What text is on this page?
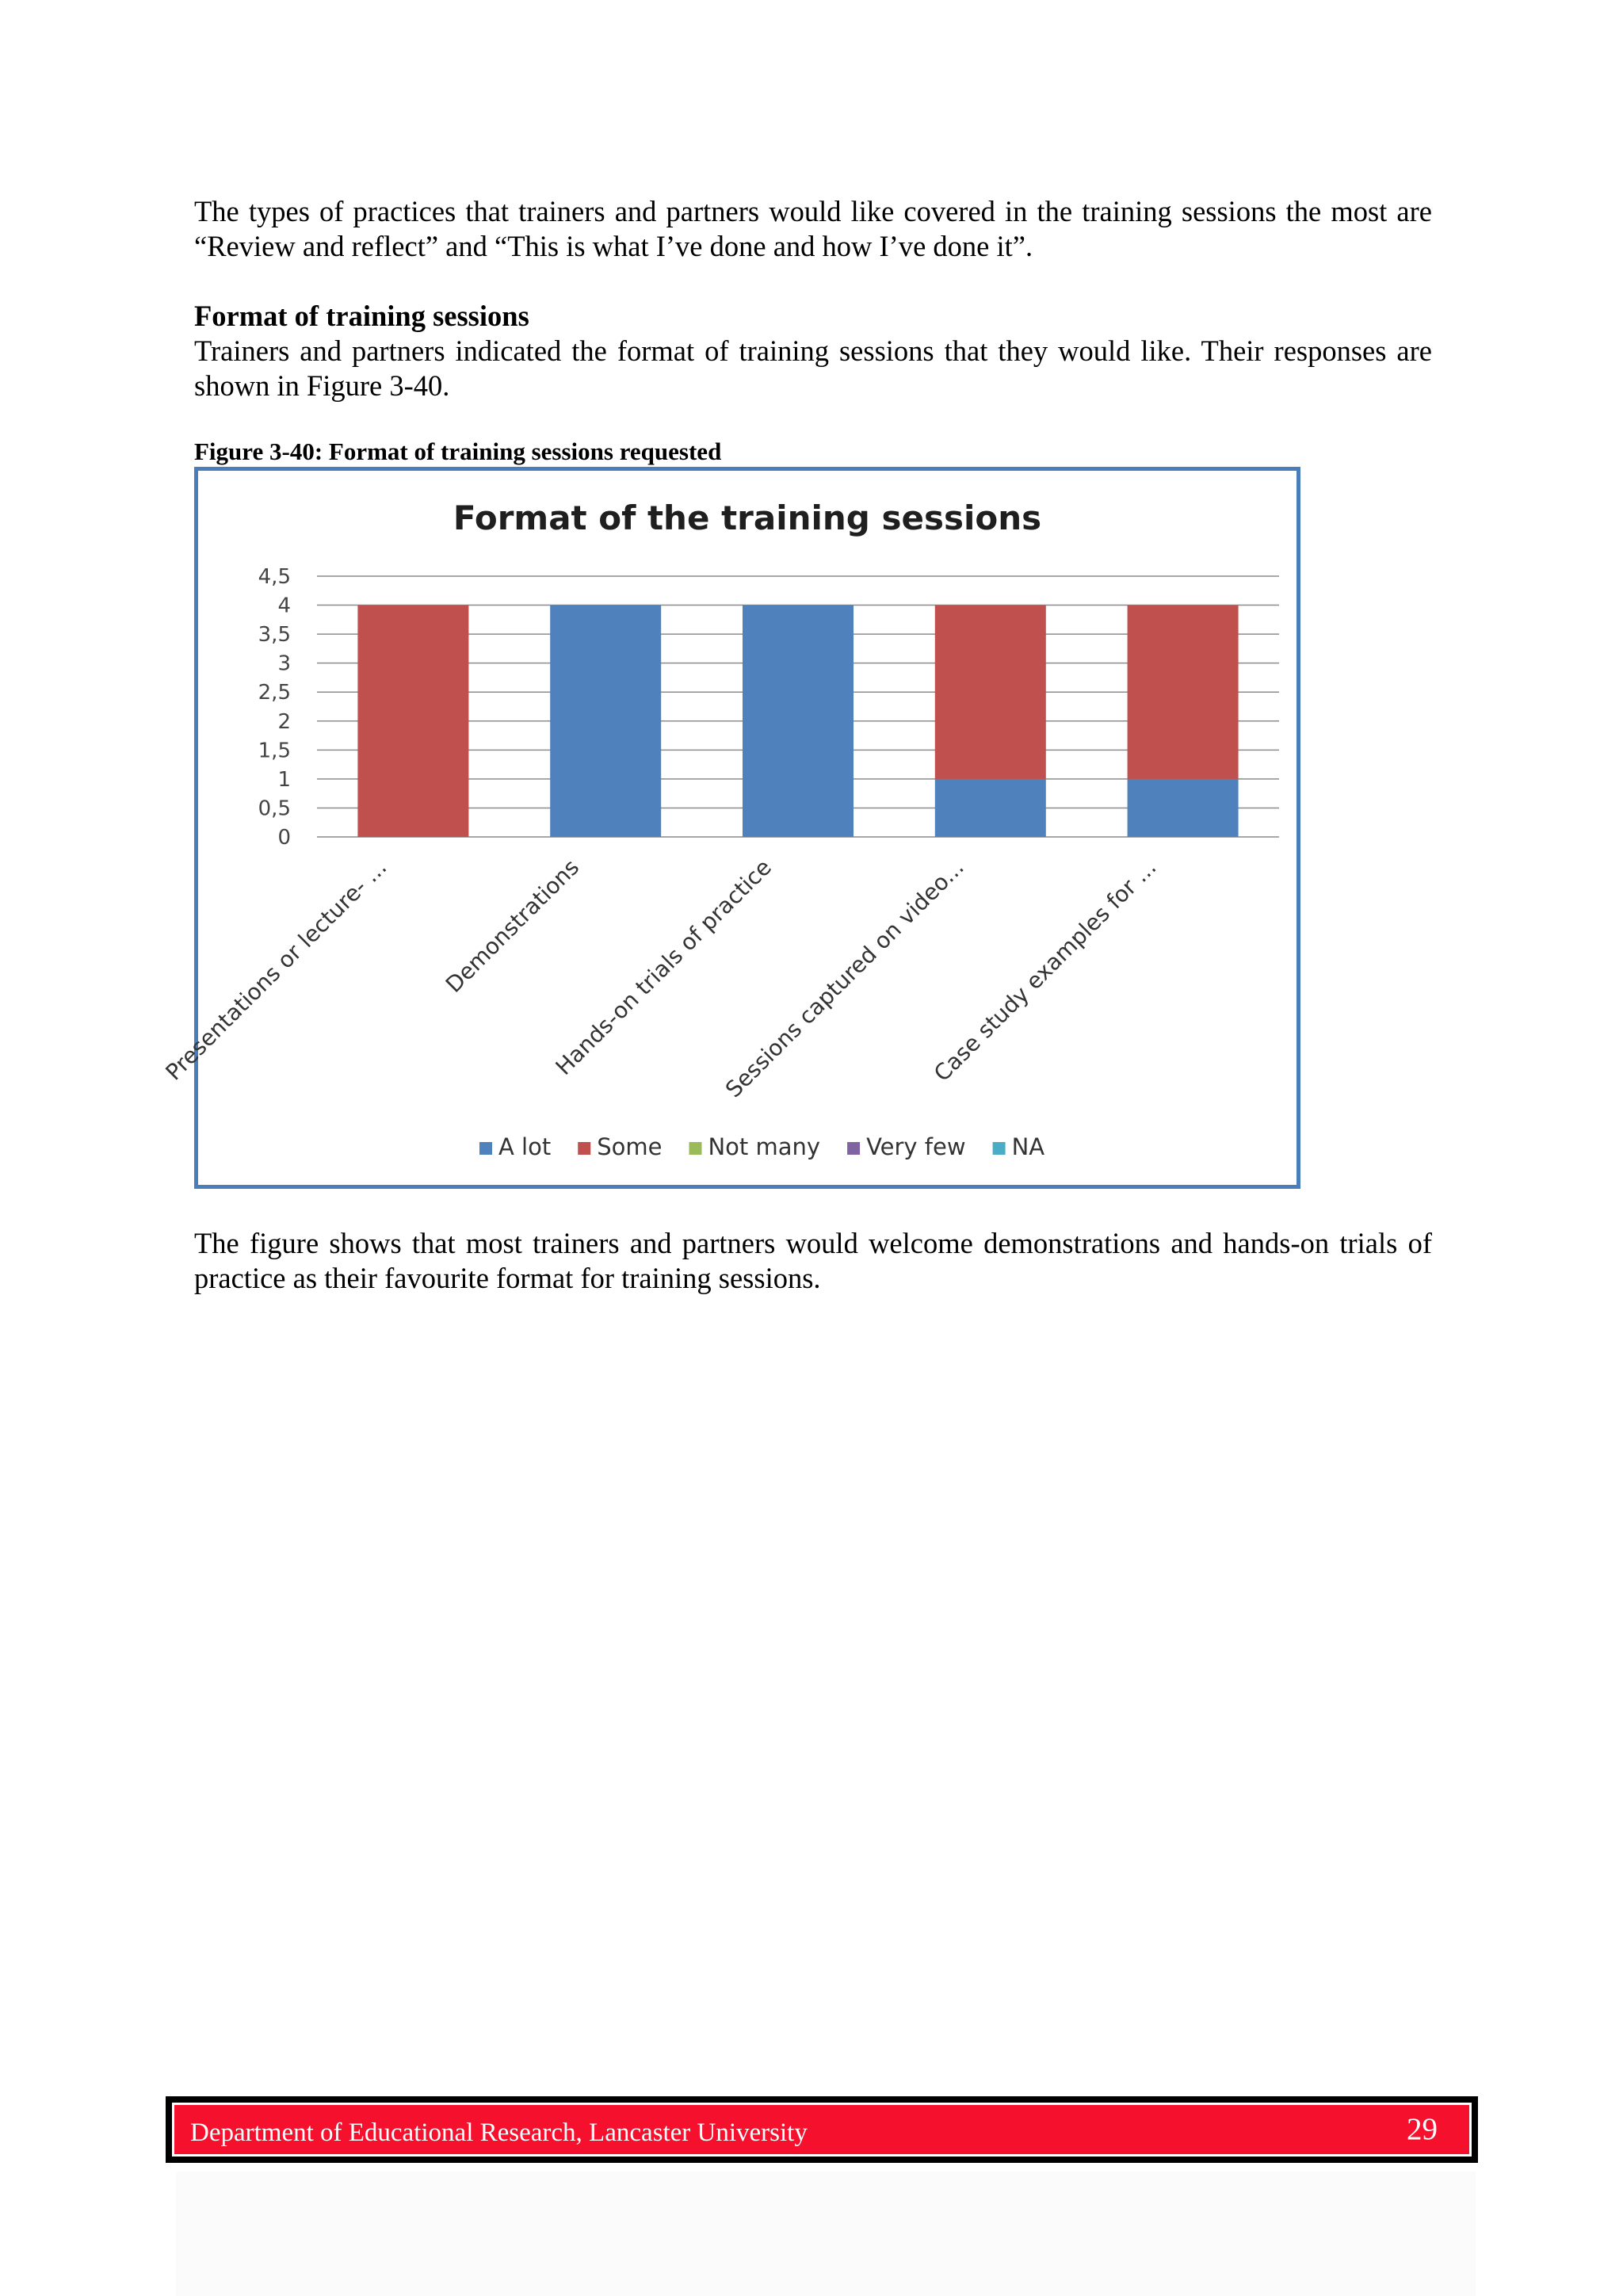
The types of practices that trainers and partners would like covered in the training sessions the most are “Review and reflect” and “This is what I’ve done and how I’ve done it”.

Format of training sessions

Trainers and partners indicated the format of training sessions that they would like. Their responses are shown in Figure 3-40.

Figure 3-40: Format of training sessions requested

Format of the training sessions
0
0,5
1
1,5
2
2,5
3
3,5
4
4,5
Presentations or lecture- ... Demonstrations
Hands-on trials of practice
Sessions captured on video...
Case study examples for ...
A lot Some Not many Very few NA

The figure shows that most trainers and partners would welcome demonstrations and hands-on trials of practice as their favourite format for training sessions.

Department of Educational Research, Lancaster University	29
